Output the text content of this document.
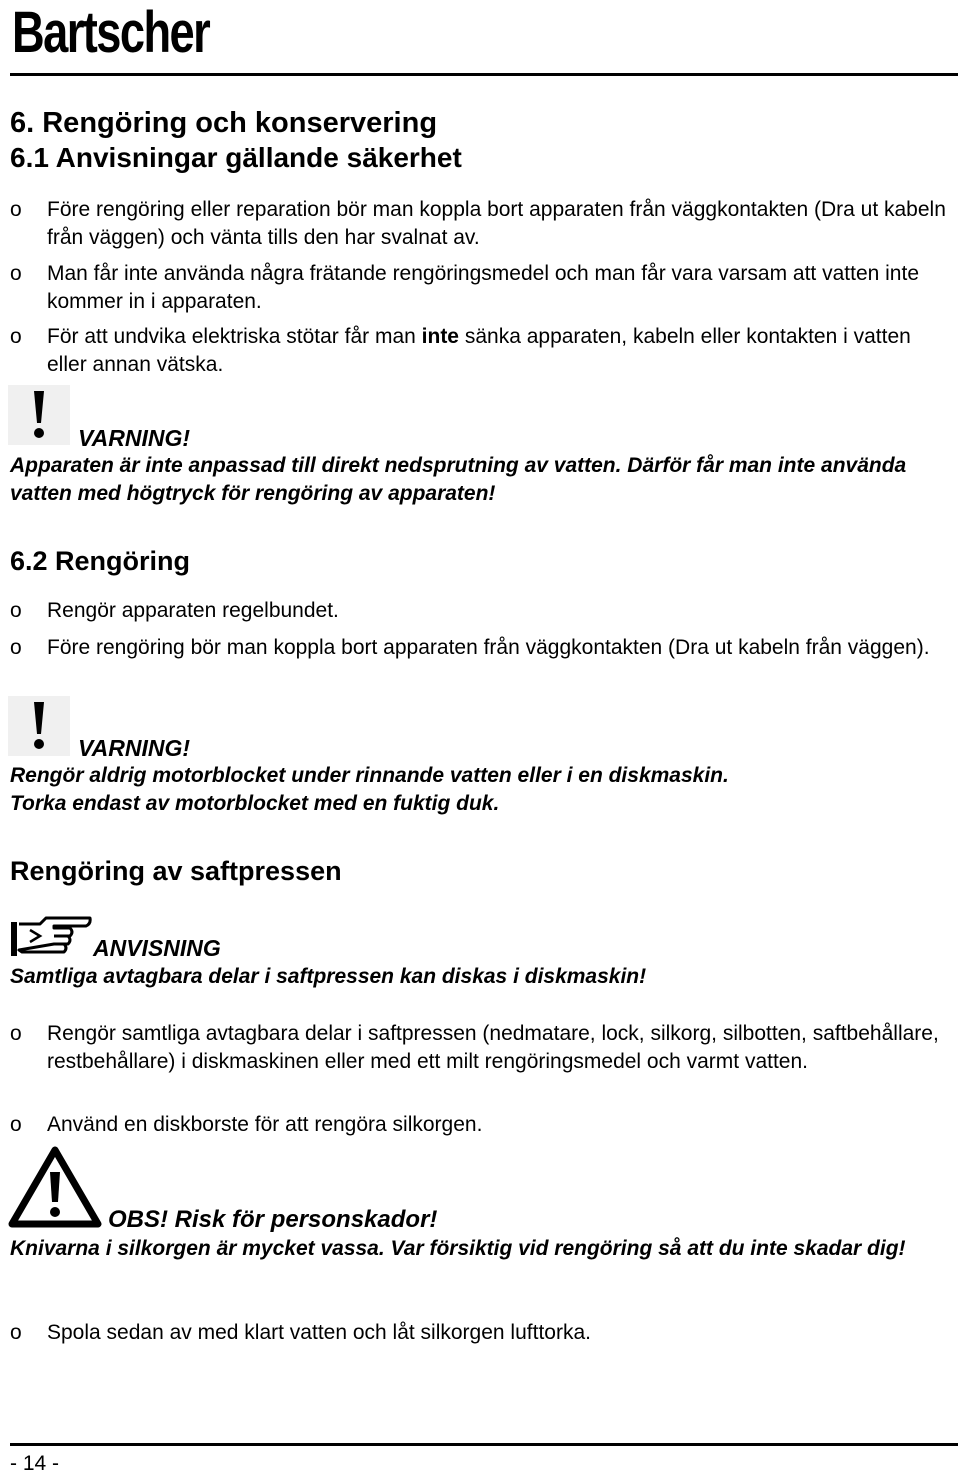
Bartscher
6. Rengöring och konservering
6.1 Anvisningar gällande säkerhet
o Före rengöring eller reparation bör man koppla bort apparaten från väggkontakten (Dra ut kabeln från väggen) och vänta tills den har svalnat av.
o Man får inte använda några frätande rengöringsmedel och man får vara varsam att vatten inte kommer in i apparaten.
o För att undvika elektriska stötar får man inte sänka apparaten, kabeln eller kontakten i vatten eller annan vätska.
VARNING!
Apparaten är inte anpassad till direkt nedsprutning av vatten. Därför får man inte använda vatten med högtryck för rengöring av apparaten!
6.2 Rengöring
o Rengör apparaten regelbundet.
o Före rengöring bör man koppla bort apparaten från väggkontakten (Dra ut kabeln från väggen).
VARNING!
Rengör aldrig motorblocket under rinnande vatten eller i en diskmaskin.
Torka endast av motorblocket med en fuktig duk.
Rengöring av saftpressen
ANVISNING
Samtliga avtagbara delar i saftpressen kan diskas i diskmaskin!
o Rengör samtliga avtagbara delar i saftpressen (nedmatare, lock, silkorg, silbotten, saftbehållare, restbehållare) i diskmaskinen eller med ett milt rengöringsmedel och varmt vatten.
o Använd en diskborste för att rengöra silkorgen.
OBS! Risk för personskador!
Knivarna i silkorgen är mycket vassa. Var försiktig vid rengöring så att du inte skadar dig!
o Spola sedan av med klart vatten och låt silkorgen lufttorka.
- 14 -
